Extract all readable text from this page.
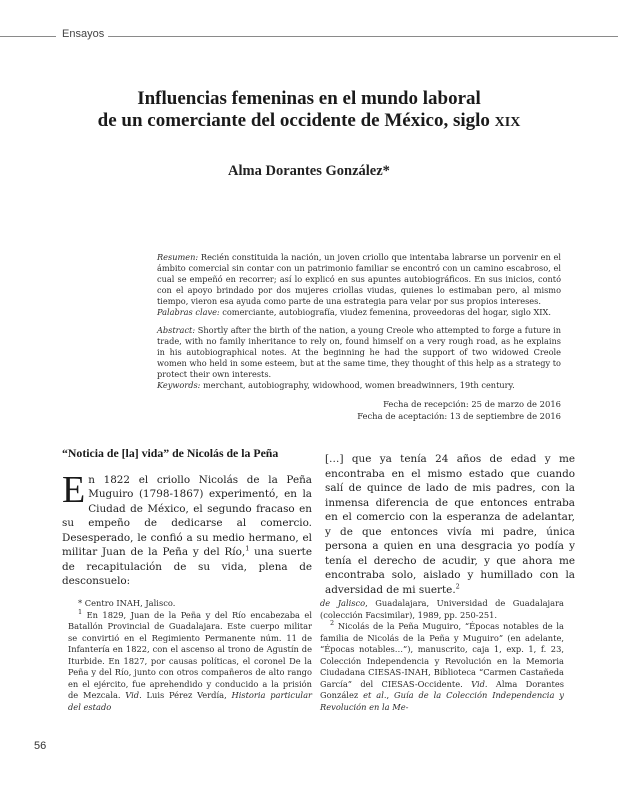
Ensayos
Influencias femeninas en el mundo laboral
de un comerciante del occidente de México, siglo XIX
Alma Dorantes González*

Resumen: Recién constituida la nación, un joven criollo que intentaba labrarse un porvenir en el ámbito comercial sin contar con un patrimonio familiar se encontró con un camino escabroso, el cual se empeñó en recorrer; así lo explicó en sus apuntes autobiográficos. En sus inicios, contó con el apoyo brindado por dos mujeres criollas viudas, quienes lo estimaban pero, al mismo tiempo, vieron esa ayuda como parte de una estrategia para velar por sus propios intereses.

Palabras clave: comerciante, autobiografía, viudez femenina, proveedoras del hogar, siglo XIX.

Abstract: Shortly after the birth of the nation, a young Creole who attempted to forge a future in trade, with no family inheritance to rely on, found himself on a very rough road, as he explains in his autobiographical notes. At the beginning he had the support of two widowed Creole women who held in some esteem, but at the same time, they thought of this help as a strategy to protect their own interests.

Keywords: merchant, autobiography, widowhood, women breadwinners, 19th century.

Fecha de recepción: 25 de marzo de 2016
Fecha de aceptación: 13 de septiembre de 2016
“Noticia de [la] vida” de Nicolás de la Peña

En 1822 el criollo Nicolás de la Peña Muguiro (1798-1867) experimentó, en la Ciudad de México, el segundo fracaso en su empeño de dedicarse al comercio. Desesperado, le confió a su medio hermano, el militar Juan de la Peña y del Río,$^1$ una suerte de recapitulación de su vida, plena de desconsuelo:

[…] que ya tenía 24 años de edad y me encontraba en el mismo estado que cuando salí de quince de lado de mis padres, con la inmensa diferencia de que entonces entraba en el comercio con la esperanza de adelantar, y de que entonces vivía mi padre, única persona a quien en una desgracia yo podía y tenía el derecho de acudir, y que ahora me encontraba solo, aislado y humillado con la adversidad de mi suerte.$^2$

* Centro INAH, Jalisco.

$^1$ En 1829, Juan de la Peña y del Río encabezaba el Batallón Provincial de Guadalajara. Este cuerpo militar se convirtió en el Regimiento Permanente núm. 11 de Infantería en 1822, con el ascenso al trono de Agustín de Iturbide. En 1827, por causas políticas, el coronel De la Peña y del Río, junto con otros compañeros de alto rango en el ejército, fue aprehendido y conducido a la prisión de Mezcala. Vid. Luis Pérez Verdía, Historia particular del estado

de Jalisco, Guadalajara, Universidad de Guadalajara (colección Facsimilar), 1989, pp. 250-251.

$^2$ Nicolás de la Peña Muguiro, “Épocas notables de la familia de Nicolás de la Peña y Muguiro” (en adelante, “Épocas notables…”), manuscrito, caja 1, exp. 1, f. 23, Colección Independencia y Revolución en la Memoria Ciudadana CIESAS-INAH, Biblioteca “Carmen Castañeda García” del CIESAS-Occidente. Vid. Alma Dorantes González et al., Guía de la Colección Independencia y Revolución en la Me-

56
